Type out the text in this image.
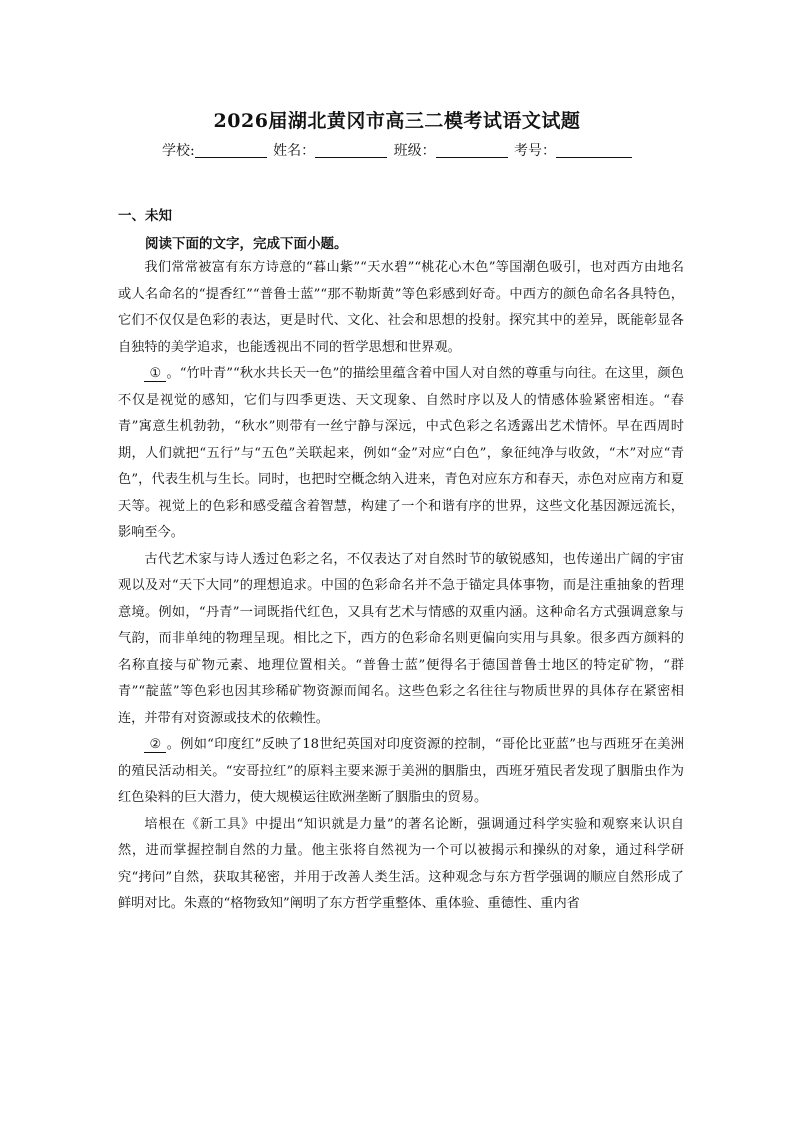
2026届湖北黄冈市高三二模考试语文试题
学校:	姓名：	班级：	考号：
一、未知
阅读下面的文字，完成下面小题。

我们常常被富有东方诗意的“暮山紫”“天水碧”“桃花心木色”等国潮色吸引，也对西方由地名或人名命名的“提香红”“普鲁士蓝”“那不勒斯黄”等色彩感到好奇。中西方的颜色命名各具特色，它们不仅仅是色彩的表达，更是时代、文化、社会和思想的投射。探究其中的差异，既能彰显各自独特的美学追求，也能透视出不同的哲学思想和世界观。

① 。“竹叶青”“秋水共长天一色”的描绘里蕴含着中国人对自然的尊重与向往。在这里，颜色不仅是视觉的感知，它们与四季更迭、天文现象、自然时序以及人的情感体验紧密相连。“春青”寓意生机勃勃，“秋水”则带有一丝宁静与深远，中式色彩之名透露出艺术情怀。早在西周时期，人们就把“五行”与“五色”关联起来，例如“金”对应“白色”，象征纯净与收敛，“木”对应“青色”，代表生机与生长。同时，也把时空概念纳入进来，青色对应东方和春天，赤色对应南方和夏天等。视觉上的色彩和感受蕴含着智慧，构建了一个和谐有序的世界，这些文化基因源远流长，影响至今。

古代艺术家与诗人透过色彩之名，不仅表达了对自然时节的敏锐感知，也传递出广阔的宇宙观以及对“天下大同”的理想追求。中国的色彩命名并不急于锚定具体事物，而是注重抽象的哲理意境。例如，“丹青”一词既指代红色，又具有艺术与情感的双重内涵。这种命名方式强调意象与气韵，而非单纯的物理呈现。相比之下，西方的色彩命名则更偏向实用与具象。很多西方颜料的名称直接与矿物元素、地理位置相关。“普鲁士蓝”便得名于德国普鲁士地区的特定矿物，“群青”“靛蓝”等色彩也因其珍稀矿物资源而闻名。这些色彩之名往往与物质世界的具体存在紧密相连，并带有对资源或技术的依赖性。

② 。例如“印度红”反映了18世纪英国对印度资源的控制，“哥伦比亚蓝”也与西班牙在美洲的殖民活动相关。“安哥拉红”的原料主要来源于美洲的胭脂虫，西班牙殖民者发现了胭脂虫作为红色染料的巨大潜力，使大规模运往欧洲垄断了胭脂虫的贸易。

培根在《新工具》中提出“知识就是力量”的著名论断，强调通过科学实验和观察来认识自然，进而掌握控制自然的力量。他主张将自然视为一个可以被揭示和操纵的对象，通过科学研究“拷问”自然，获取其秘密，并用于改善人类生活。这种观念与东方哲学强调的顺应自然形成了鲜明对比。朱熹的“格物致知”阐明了东方哲学重整体、重体验、重德性、重内省
